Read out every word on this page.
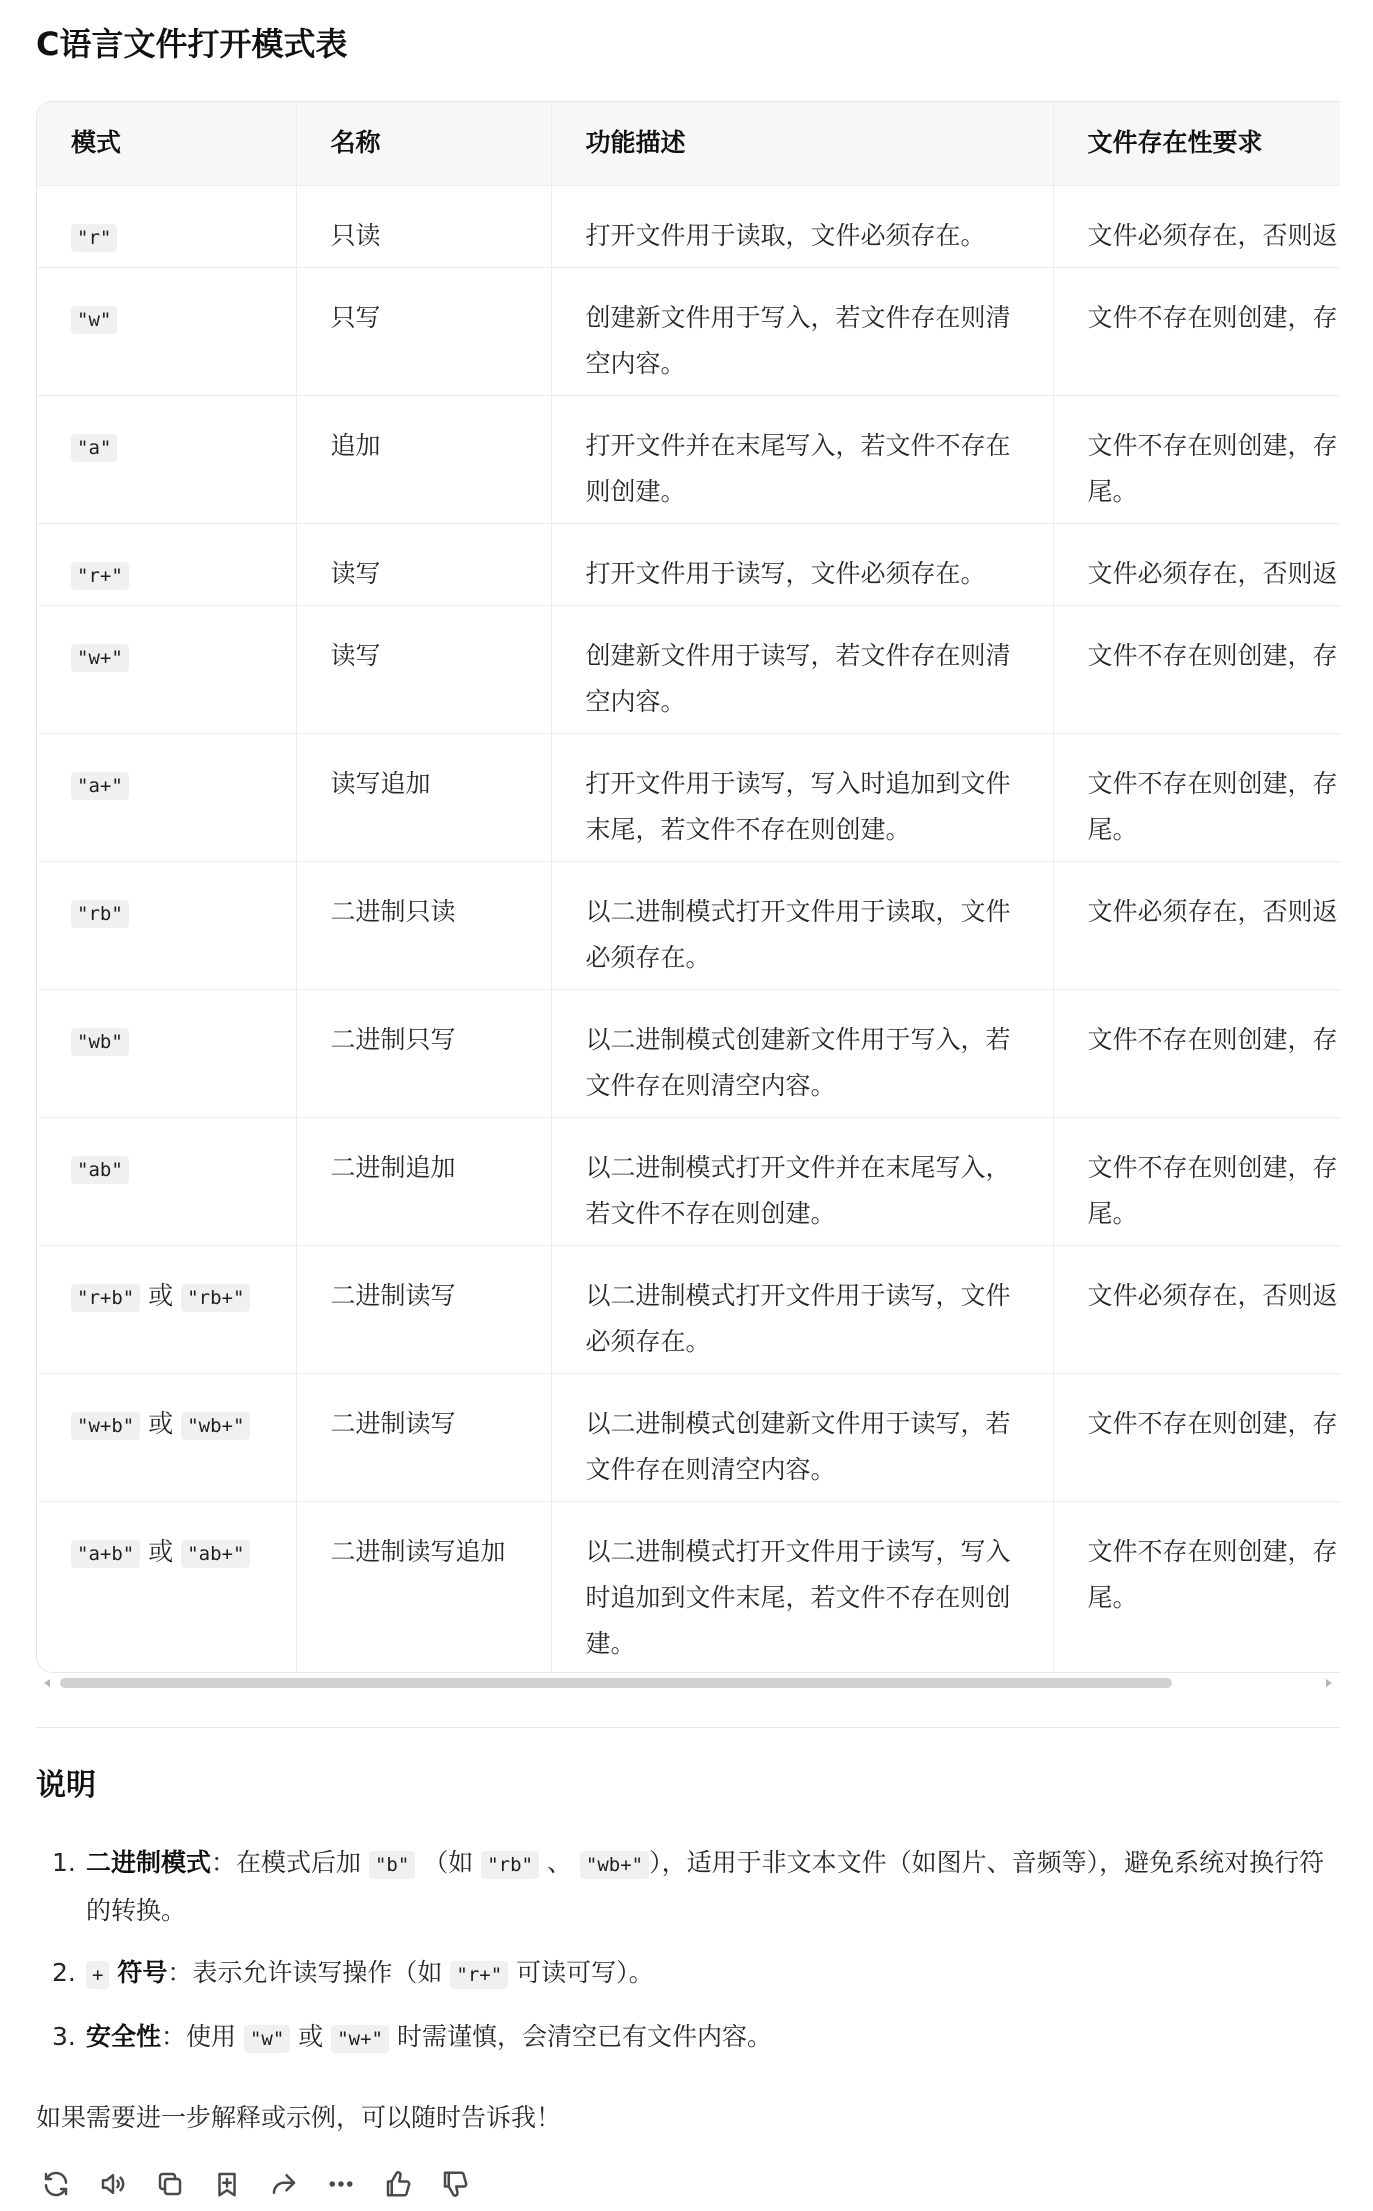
C语言文件打开模式表
模式	名称	功能描述	文件存在性要求
"r"	只读	打开文件用于读取，文件必须存在。	文件必须存在，否则返
"w"	只写	创建新文件用于写入，若文件存在则清空内容。	文件不存在则创建，存
"a"	追加	打开文件并在末尾写入，若文件不存在则创建。	文件不存在则创建，存
尾。
"r+"	读写	打开文件用于读写，文件必须存在。	文件必须存在，否则返
"w+"	读写	创建新文件用于读写，若文件存在则清空内容。	文件不存在则创建，存
"a+"	读写追加	打开文件用于读写，写入时追加到文件末尾，若文件不存在则创建。	文件不存在则创建，存
尾。
"rb"	二进制只读	以二进制模式打开文件用于读取，文件必须存在。	文件必须存在，否则返
"wb"	二进制只写	以二进制模式创建新文件用于写入，若文件存在则清空内容。	文件不存在则创建，存
"ab"	二进制追加	以二进制模式打开文件并在末尾写入，若文件不存在则创建。	文件不存在则创建，存
尾。
"r+b" 或 "rb+"	二进制读写	以二进制模式打开文件用于读写，文件必须存在。	文件必须存在，否则返
"w+b" 或 "wb+"	二进制读写	以二进制模式创建新文件用于读写，若文件存在则清空内容。	文件不存在则创建，存
"a+b" 或 "ab+"	二进制读写追加	以二进制模式打开文件用于读写，写入时追加到文件末尾，若文件不存在则创建。	文件不存在则创建，存
尾。
说明
1. 二进制模式：在模式后加 "b" （如 "rb" 、 "wb+" ），适用于非文本文件（如图片、音频等），避免系统对换行符的转换。
2. + 符号：表示允许读写操作（如 "r+" 可读可写）。
3. 安全性：使用 "w" 或 "w+" 时需谨慎，会清空已有文件内容。

如果需要进一步解释或示例，可以随时告诉我！
